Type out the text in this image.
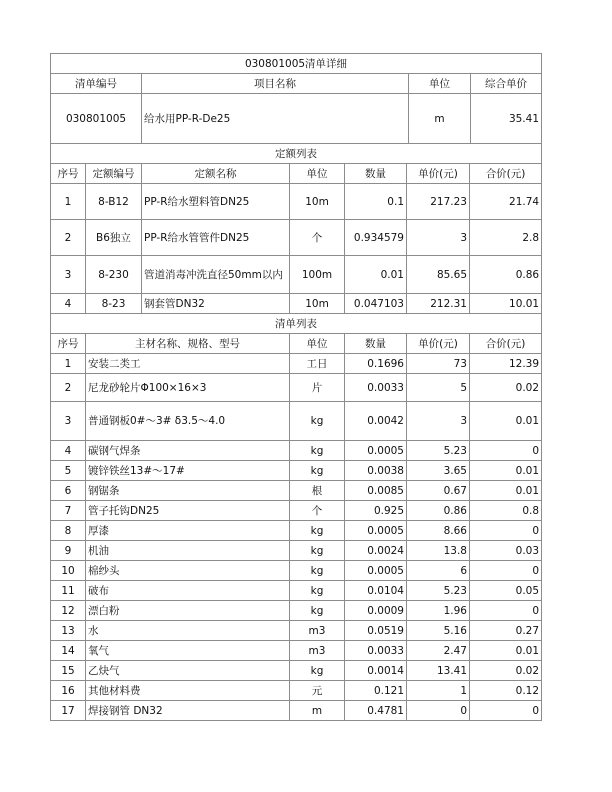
030801005清单详细			
清单编号	项目名称	单位	综合单价
030801005	给水用PP-R-De25	m	35.41
定额列表						
序号	定额编号	定额名称	单位	数量	单价(元)	合价(元)
1	8-B12	PP-R给水塑料管DN25	10m	0.1	217.23	21.74
2	B6独立	PP-R给水管管件DN25	个	0.934579	3	2.8
3	8-230	管道消毒冲洗直径50mm以内	100m	0.01	85.65	0.86
4	8-23	钢套管DN32	10m	0.047103	212.31	10.01
清单列表					
序号	主材名称、规格、型号	单位	数量	单价(元)	合价(元)
1	安装二类工	工日	0.1696	73	12.39
2	尼龙砂轮片Φ100×16×3	片	0.0033	5	0.02
3	普通钢板0#～3# δ3.5～4.0	kg	0.0042	3	0.01
4	碳钢气焊条	kg	0.0005	5.23	0
5	镀锌铁丝13#～17#	kg	0.0038	3.65	0.01
6	钢锯条	根	0.0085	0.67	0.01
7	管子托钩DN25	个	0.925	0.86	0.8
8	厚漆	kg	0.0005	8.66	0
9	机油	kg	0.0024	13.8	0.03
10	棉纱头	kg	0.0005	6	0
11	破布	kg	0.0104	5.23	0.05
12	漂白粉	kg	0.0009	1.96	0
13	水	m3	0.0519	5.16	0.27
14	氧气	m3	0.0033	2.47	0.01
15	乙炔气	kg	0.0014	13.41	0.02
16	其他材料费	元	0.121	1	0.12
17	焊接钢管 DN32	m	0.4781	0	0
